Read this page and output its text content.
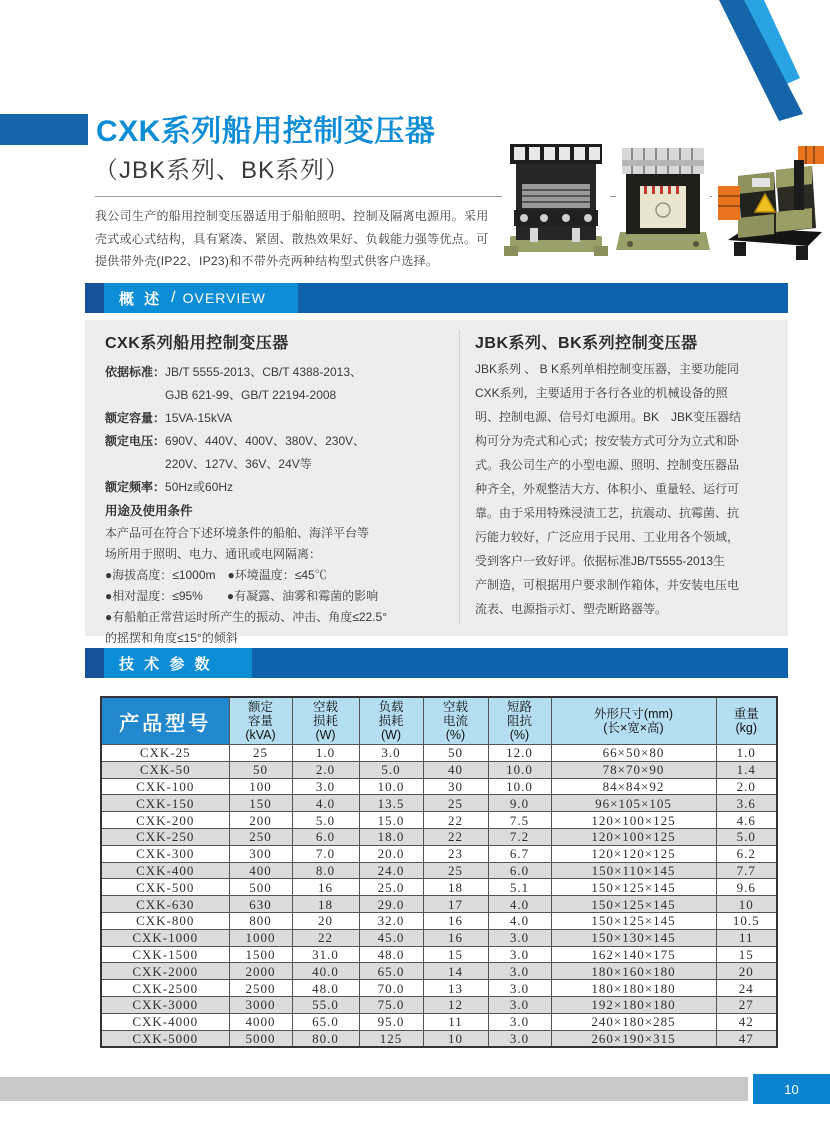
CXK系列船用控制变压器
（JBK系列、BK系列）
我公司生产的船用控制变压器适用于船舶照明、控制及隔离电源用。采用
壳式或心式结构，具有紧凑、紧固、散热效果好、负载能力强等优点。可
提供带外壳(IP22、IP23)和不带外壳两种结构型式供客户选择。
概 述 / OVERVIEW
CXK系列船用控制变压器
依据标准： JB/T 5555-2013、CB/T 4388-2013、
GJB 621-99、GB/T 22194-2008
额定容量： 15VA-15kVA
额定电压： 690V、440V、400V、380V、230V、
220V、127V、36V、24V等
额定频率： 50Hz或60Hz
用途及使用条件
本产品可在符合下述环境条件的船舶、海洋平台等
场所用于照明、电力、通讯或电网隔离：
●海拔高度：≤1000m　●环境温度：≤45℃
●相对湿度：≤95%　　●有凝露、油雾和霉菌的影响
●有船舶正常营运时所产生的振动、冲击、角度≤22.5°
的摇摆和角度≤15°的倾斜
JBK系列、BK系列控制变压器
JBK系列 、 B K系列单相控制变压器，主要功能同
CXK系列，主要适用于各行各业的机械设备的照
明、控制电源、信号灯电源用。BK　JBK变压器结
构可分为壳式和心式；按安装方式可分为立式和卧
式。我公司生产的小型电源、照明、控制变压器品
种齐全，外观整洁大方、体积小、重量轻、运行可
靠。由于采用特殊浸渍工艺，抗震动、抗霉菌、抗
污能力较好，广泛应用于民用、工业用各个领域，
受到客户一致好评。依据标准JB/T5555-2013生
产制造，可根据用户要求制作箱体，并安装电压电
流表、电源指示灯、塑壳断路器等。
技 术 参 数
产品型号	
额定
容量
(kVA)

空载
损耗
(W)

负载
损耗
(W)

空载
电流
(%)

短路
阻抗
(%)

外形尺寸(mm)
(长×宽×高)

重量
(kg)

CXK-25	25	1.0	3.0	50	12.0	66×50×80	1.0
CXK-50	50	2.0	5.0	40	10.0	78×70×90	1.4
CXK-100	100	3.0	10.0	30	10.0	84×84×92	2.0
CXK-150	150	4.0	13.5	25	9.0	96×105×105	3.6
CXK-200	200	5.0	15.0	22	7.5	120×100×125	4.6
CXK-250	250	6.0	18.0	22	7.2	120×100×125	5.0
CXK-300	300	7.0	20.0	23	6.7	120×120×125	6.2
CXK-400	400	8.0	24.0	25	6.0	150×110×145	7.7
CXK-500	500	16	25.0	18	5.1	150×125×145	9.6
CXK-630	630	18	29.0	17	4.0	150×125×145	10
CXK-800	800	20	32.0	16	4.0	150×125×145	10.5
CXK-1000	1000	22	45.0	16	3.0	150×130×145	11
CXK-1500	1500	31.0	48.0	15	3.0	162×140×175	15
CXK-2000	2000	40.0	65.0	14	3.0	180×160×180	20
CXK-2500	2500	48.0	70.0	13	3.0	180×180×180	24
CXK-3000	3000	55.0	75.0	12	3.0	192×180×180	27
CXK-4000	4000	65.0	95.0	11	3.0	240×180×285	42
CXK-5000	5000	80.0	125	10	3.0	260×190×315	47
10
